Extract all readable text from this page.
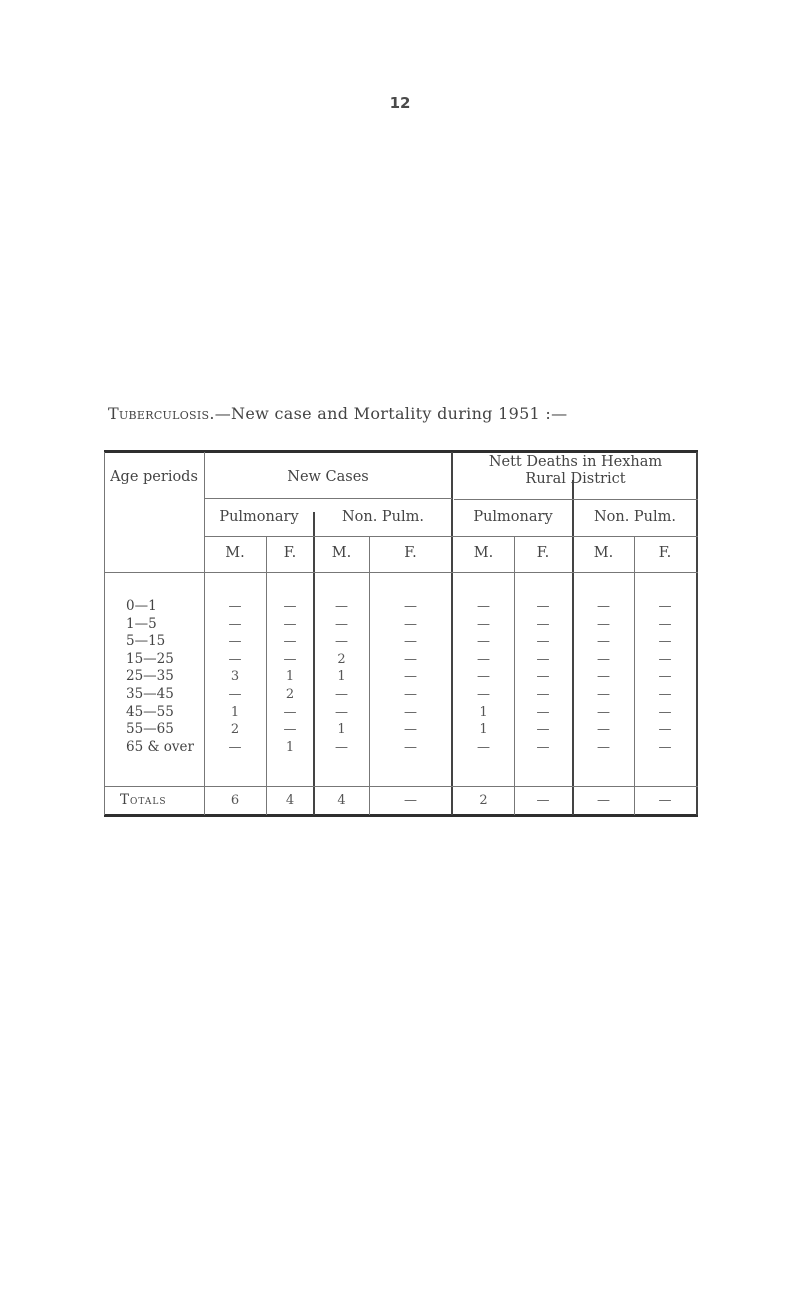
12
Tuberculosis.—New case and Mortality during 1951 :—
Age periods	New Cases
Nett Deaths in Hexham
Rural District
Pulmonary	Non. Pulm.	Pulmonary	Non. Pulm.
M.	F.	M.	F.	M.	F.	M.	F.
0—1	—	—	—	—	—	—	—	—
1—5	—	—	—	—	—	—	—	—
5—15	—	—	—	—	—	—	—	—
15—25	—	—	2	—	—	—	—	—
25—35	3	1	1	—	—	—	—	—
35—45	—	2	—	—	—	—	—	—
45—55	1	—	—	—	1	—	—	—
55—65	2	—	1	—	1	—	—	—
65 & over	—	1	—	—	—	—	—	—
Totals	6	4	4	—	2	—	—	—
